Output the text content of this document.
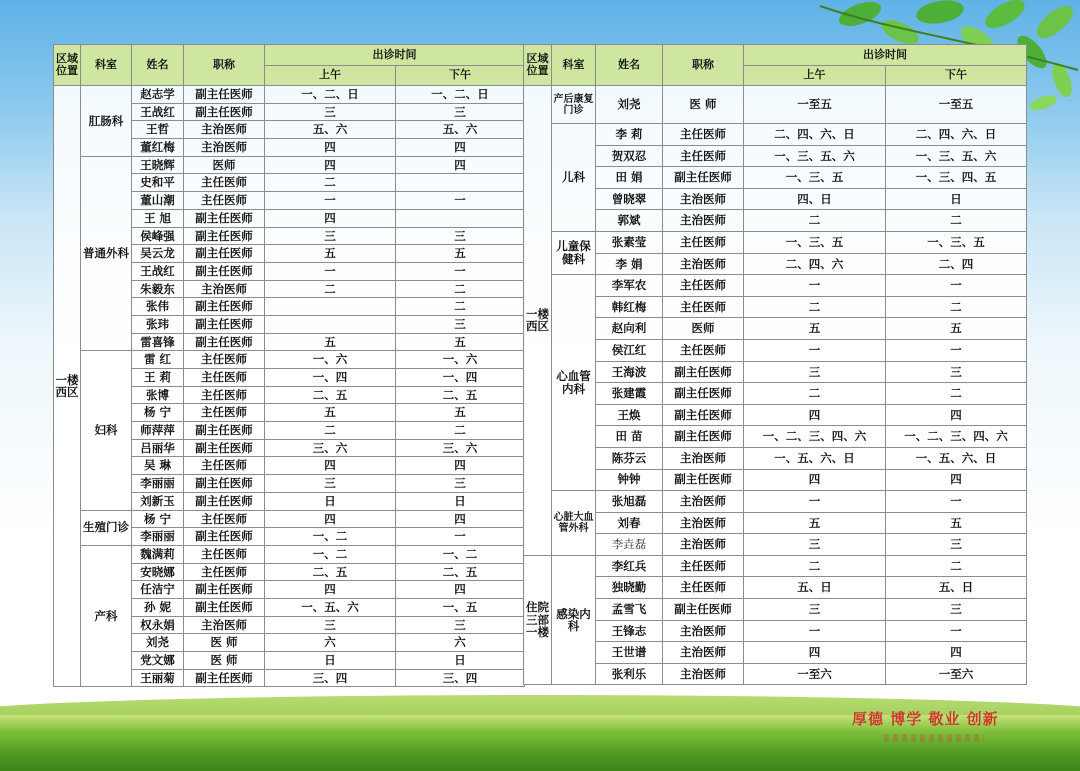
区域位置	科室	姓名	职称	出诊时间	
				上午	下午
一楼西区	肛肠科	赵志学	副主任医师	一、二、日	一、二、日
		王战红	副主任医师	三	三
		王哲	主治医师	五、六	五、六
		董红梅	主治医师	四	四
	普通外科	王晓辉	医师	四	四
		史和平	主任医师	二	
		董山潮	主任医师	一	一
		王 旭	副主任医师	四	
		侯峰强	副主任医师	三	三
		吴云龙	副主任医师	五	五
		王战红	副主任医师	一	一
		朱毅东	主治医师	二	二
		张伟	副主任医师		二
		张玮	副主任医师		三
		雷喜锋	副主任医师	五	五
	妇科	雷 红	主任医师	一、六	一、六
		王 莉	主任医师	一、四	一、四
		张博	主任医师	二、五	二、五
		杨 宁	主任医师	五	五
		师萍萍	副主任医师	二	二
		吕丽华	副主任医师	三、六	三、六
		吴 琳	主任医师	四	四
		李丽丽	副主任医师	三	三
		刘新玉	副主任医师	日	日
	生殖门诊	杨 宁	主任医师	四	四
		李丽丽	副主任医师	一、二	一
	产科	魏满莉	主任医师	一、二	一、二
		安晓娜	主任医师	二、五	二、五
		任洁宁	副主任医师	四	四
		孙 妮	副主任医师	一、五、六	一、五
		权永娟	主治医师	三	三
		刘尧	医 师	六	六
		党文娜	医 师	日	日
		王丽菊	副主任医师	三、四	三、四
区域位置	科室	姓名	职称	出诊时间	
				上午	下午
一楼西区	产后康复门诊	刘尧	医 师	一至五	一至五
	儿科	李 莉	主任医师	二、四、六、日	二、四、六、日
		贺双忍	主任医师	一、三、五、六	一、三、五、六
		田 娟	副主任医师	一、三、五	一、三、四、五
		曾晓翠	主治医师	四、日	日
		郭斌	主治医师	二	二
	儿童保健科	张素莹	主任医师	一、三、五	一、三、五
		李 娟	主治医师	二、四、六	二、四
	心血管内科	李军农	主任医师	一	一
		韩红梅	主任医师	二	二
		赵向利	医师	五	五
		侯江红	主任医师	一	一
		王海波	副主任医师	三	三
		张建霞	副主任医师	二	二
		王焕	副主任医师	四	四
		田 苗	副主任医师	一、二、三、四、六	一、二、三、四、六
		陈芬云	主治医师	一、五、六、日	一、五、六、日
		钟钟	副主任医师	四	四
	心脏大血管外科	张旭磊	主治医师	一	一
		刘春	主治医师	五	五
		李垚磊	主治医师	三	三
住院三部一楼	感染内科	李红兵	主任医师	二	二
		独晓勤	主任医师	五、日	五、日
		孟雪飞	副主任医师	三	三
		王锋志	主治医师	一	一
		王世谱	主治医师	四	四
		张利乐	主治医师	一至六	一至六
厚德 博学 敬业 创新
